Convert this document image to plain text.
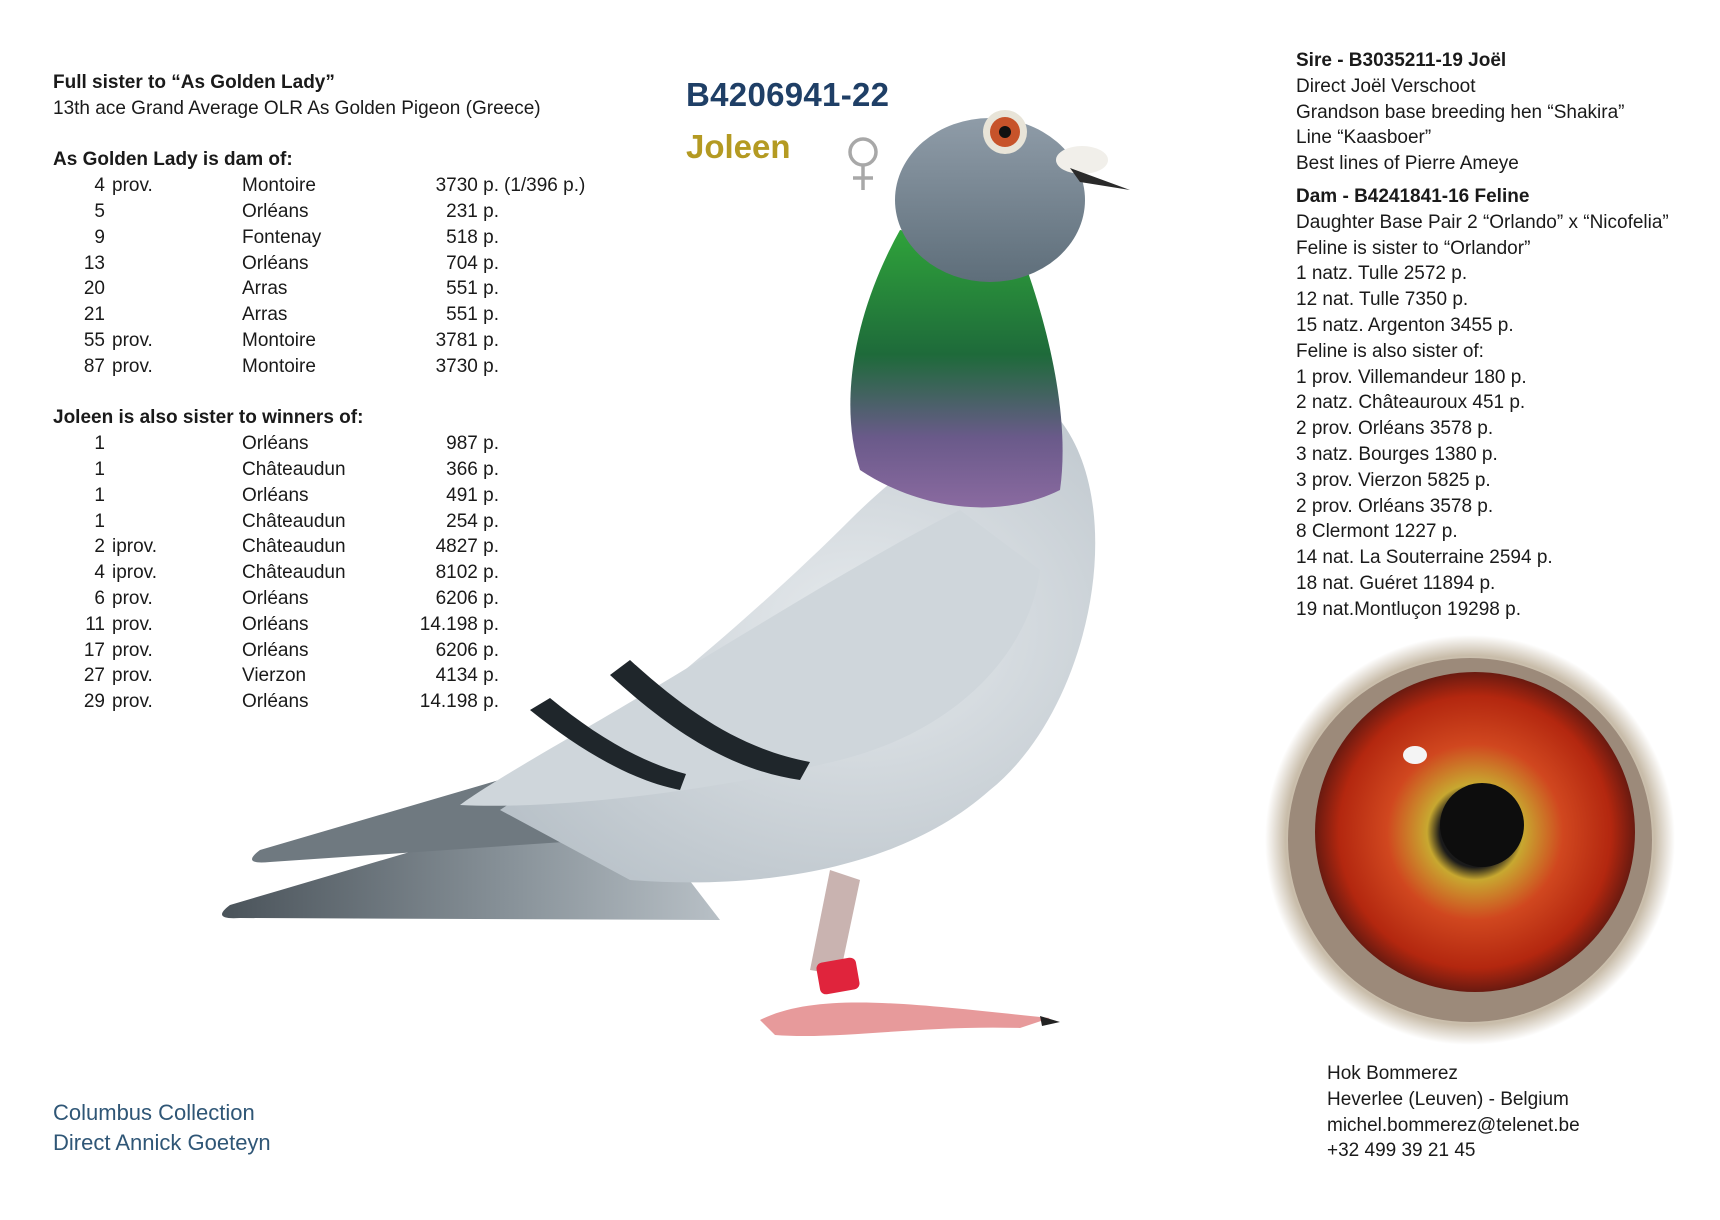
Full sister to “As Golden Lady”
13th ace Grand Average OLR As Golden Pigeon (Greece)
As Golden Lady is dam of:
4 prov.	Montoire	3730 p. (1/396 p.)
5	Orléans	231 p.
9	Fontenay	518 p.
13	Orléans	704 p.
20	Arras	551 p.
21	Arras	551 p.
55 prov.	Montoire	3781 p.
87 prov.	Montoire	3730 p.
Joleen is also sister to winners of:
1	Orléans	987 p.
1	Châteaudun	366 p.
1	Orléans	491 p.
1	Châteaudun	254 p.
2 iprov.	Châteaudun	4827 p.
4 iprov.	Châteaudun	8102 p.
6 prov.	Orléans	6206 p.
11 prov.	Orléans	14.198 p.
17 prov.	Orléans	6206 p.
27 prov.	Vierzon	4134 p.
29 prov.	Orléans	14.198 p.
Columbus Collection
Direct Annick Goeteyn
B4206941-22
Joleen
Sire - B3035211-19 Joël
Direct Joël Verschoot
Grandson base breeding hen “Shakira”
Line “Kaasboer”
Best lines of Pierre Ameye
Dam - B4241841-16 Feline
Daughter Base Pair 2 “Orlando” x “Nicofelia”
Feline is sister to “Orlandor”
1 natz. Tulle 2572 p.
12 nat. Tulle 7350 p.
15 natz. Argenton 3455 p.
Feline is also sister of:
1 prov. Villemandeur 180 p.
2 natz. Châteauroux 451 p.
2 prov. Orléans 3578 p.
3 natz. Bourges 1380 p.
3 prov. Vierzon 5825 p.
2 prov. Orléans 3578 p.
8 Clermont 1227 p.
14 nat. La Souterraine 2594 p.
18 nat. Guéret 11894 p.
19 nat.Montluçon 19298 p.
Hok Bommerez
Heverlee (Leuven) - Belgium
michel.bommerez@telenet.be
+32 499 39 21 45
